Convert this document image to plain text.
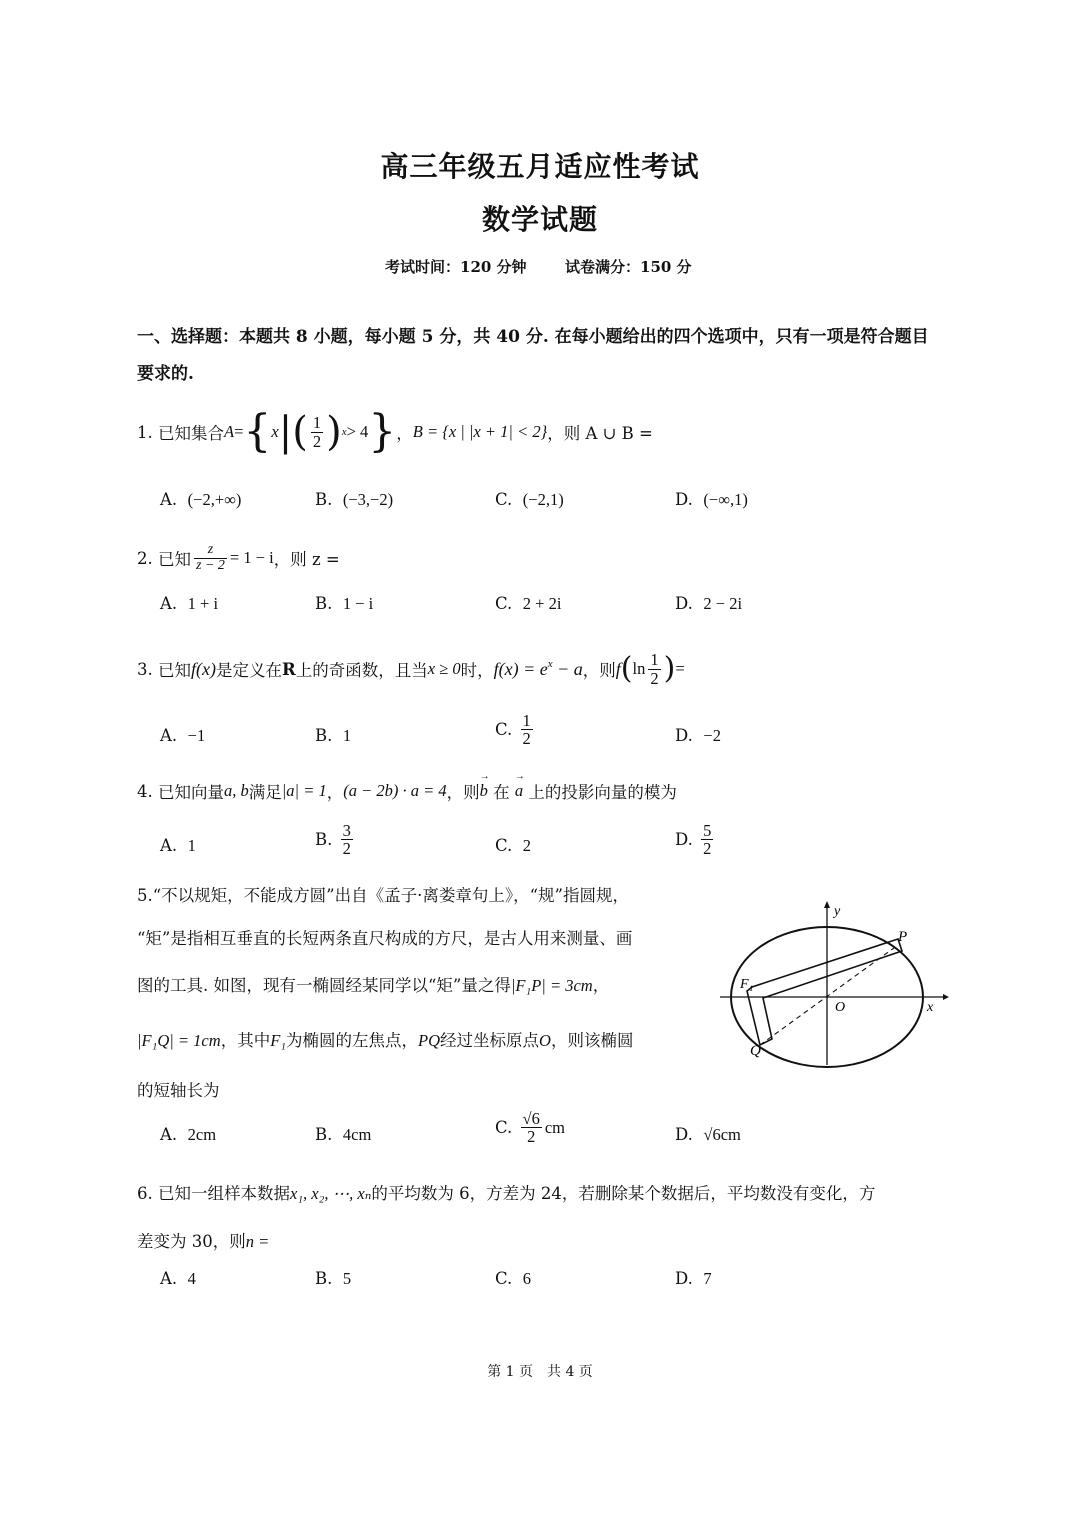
高三年级五月适应性考试
数学试题
考试时间：120 分钟	试卷满分：150 分
一、选择题：本题共 8 小题，每小题 5 分，共 40 分. 在每小题给出的四个选项中，只有一项是符合题目
要求的.
1.
已知集合 A = { x | ( $\frac{1}{2}$ ) x > 4 } ， B = {x | |x + 1| < 2} ，则 A ∪ B =
A. (−2,+∞)	B. (−3,−2)	C. (−2,1)	D. (−∞,1)
2.
已知 $\frac{z}{z - 2} = 1 - i$ ，则 z =
A. 1 + i	B. 1 − i	C. 2 + 2i	D. 2 − 2i
3.
已知 f(x) 是定义在 R 上的奇函数，且当 x ≥ 0 时， $f(x) = e^x - a$ ，则 f ( $\ln \frac{1}{2}$ ) =
A. −1	B. 1	C.
$\frac{1}{2}$	D. −2
4.
已知向量 a, b 满足 |a| = 1 ， (a − 2b) · a = 4 ，则 → b
在
→ a
上的投影向量的模为
A. 1	B.
$\frac{3}{2}$	C. 2	D.
$\frac{5}{2}$
5.“不以规矩，不能成方圆”出自《孟子·离娄章句上》，“规”指圆规，
“矩”是指相互垂直的长短两条直尺构成的方尺，是古人用来测量、画
图的工具. 如图，现有一椭圆经某同学以“矩”量之得|F₁P| = 3cm，
|F₁Q| = 1cm，其中F₁为椭圆的左焦点，PQ经过坐标原点O，则该椭圆
的短轴长为
y
x
P
F₁
O
Q
A. 2cm	B. 4cm	C.
$\frac{√6}{2}$ cm	D. √6cm
6. 已知一组样本数据x₁, x₂, ⋯, xₙ的平均数为 6，方差为 24，若删除某个数据后，平均数没有变化，方
差变为 30，则n =
A. 4	B. 5	C. 6	D. 7
第 1 页　共 4 页
